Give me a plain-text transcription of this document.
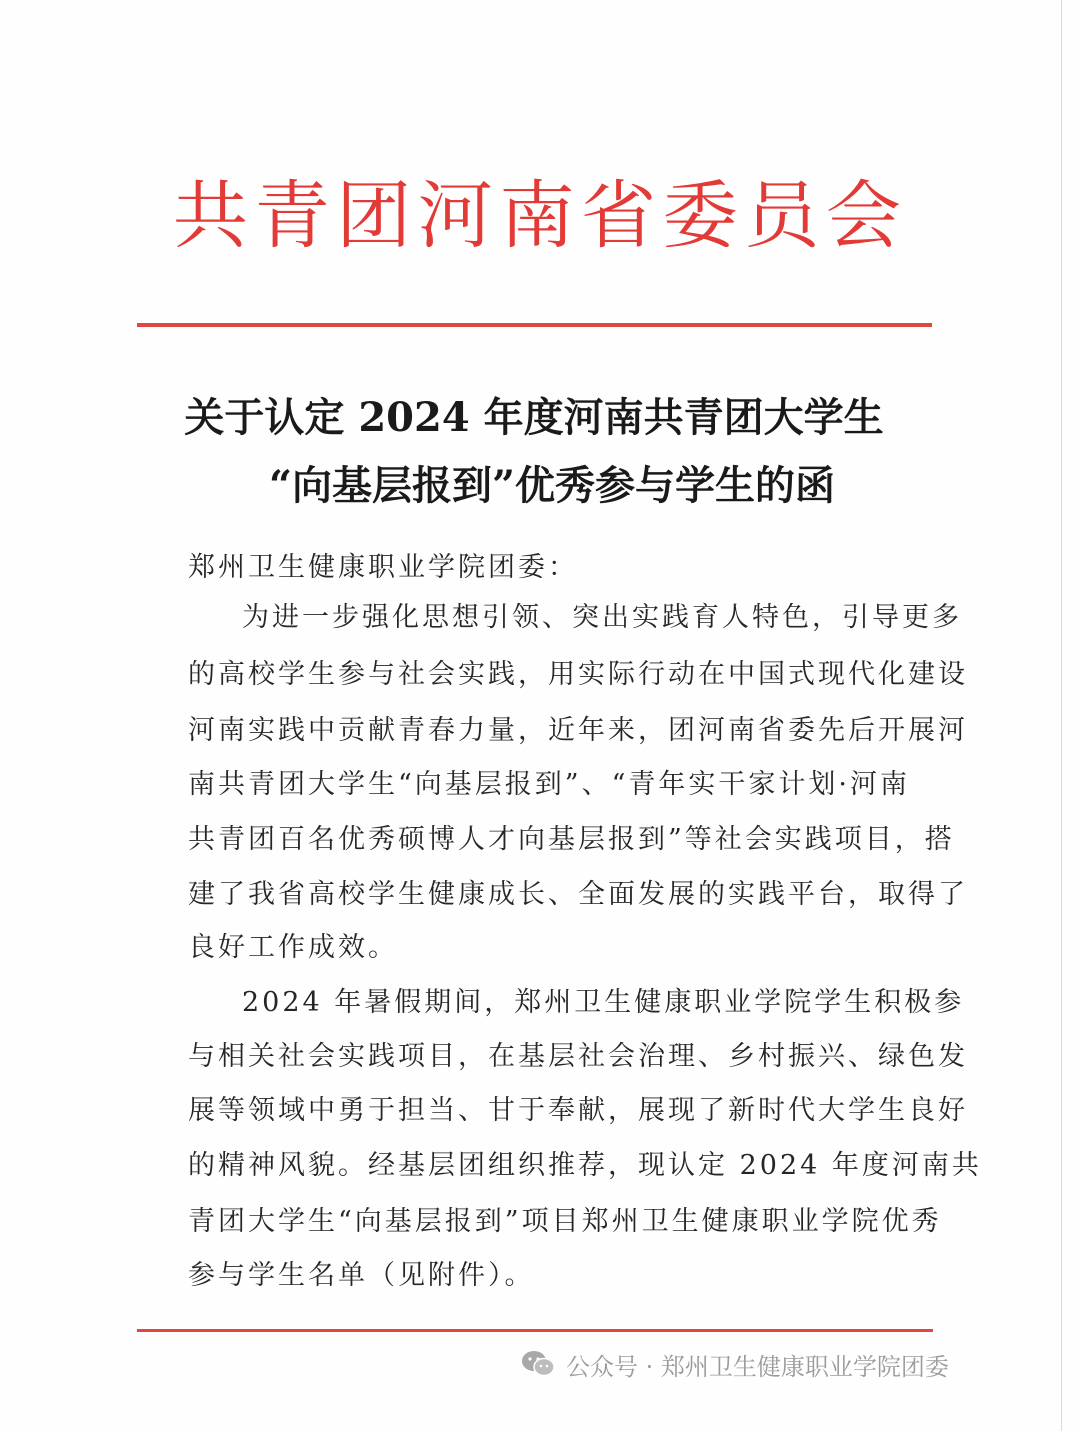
共青团河南省委员会
关于认定 2024 年度河南共青团大学生
“向基层报到”优秀参与学生的函
郑州卫生健康职业学院团委：
为进一步强化思想引领、突出实践育人特色，引导更多
的高校学生参与社会实践，用实际行动在中国式现代化建设
河南实践中贡献青春力量，近年来，团河南省委先后开展河
南共青团大学生“向基层报到”、“青年实干家计划·河南
共青团百名优秀硕博人才向基层报到”等社会实践项目，搭
建了我省高校学生健康成长、全面发展的实践平台，取得了
良好工作成效。
2024 年暑假期间，郑州卫生健康职业学院学生积极参
与相关社会实践项目，在基层社会治理、乡村振兴、绿色发
展等领域中勇于担当、甘于奉献，展现了新时代大学生良好
的精神风貌。经基层团组织推荐，现认定 2024 年度河南共
青团大学生“向基层报到”项目郑州卫生健康职业学院优秀
参与学生名单（见附件）。
公众号 · 郑州卫生健康职业学院团委
